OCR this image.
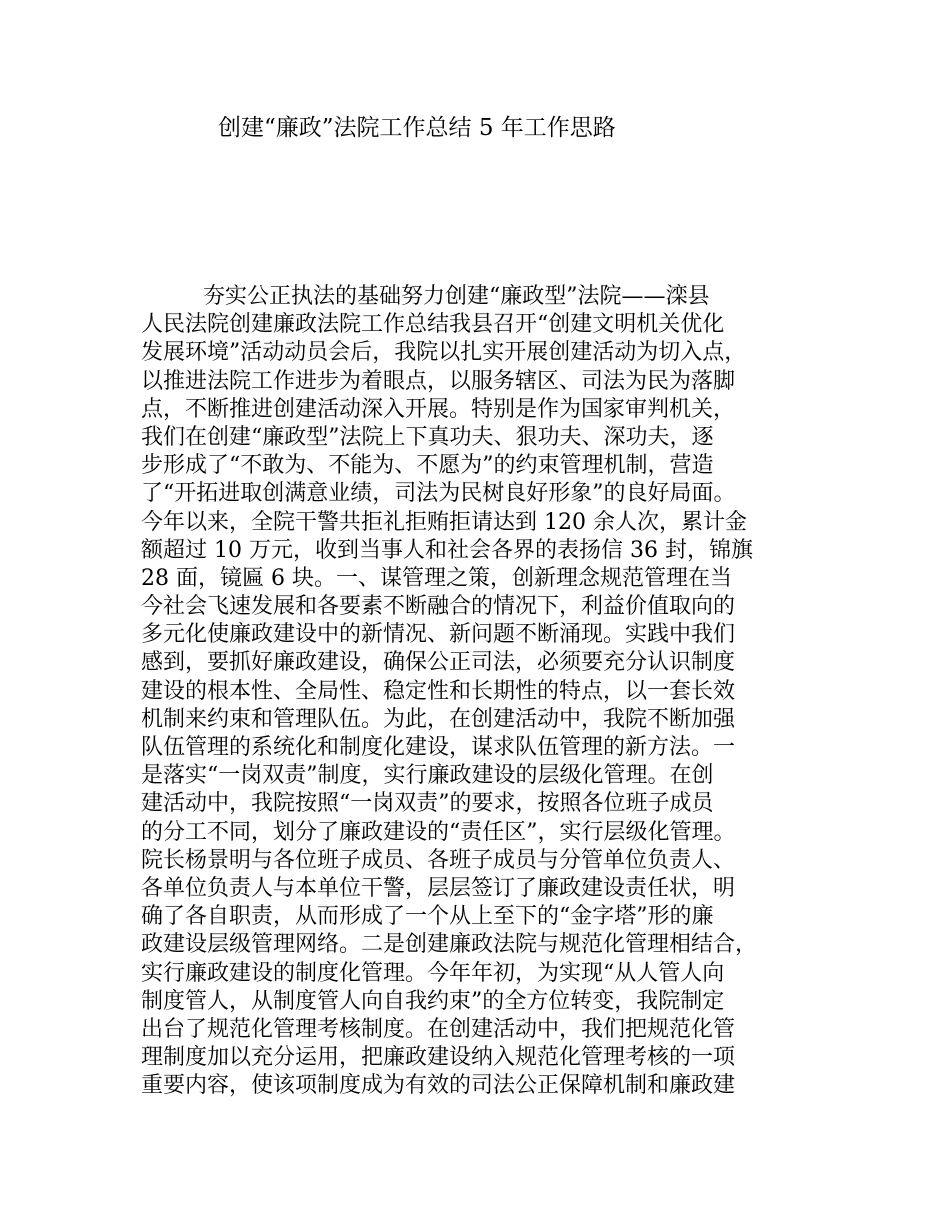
创建“廉政”法院工作总结 5 年工作思路
夯实公正执法的基础努力创建“廉政型”法院——滦县
人民法院创建廉政法院工作总结我县召开“创建文明机关优化
发展环境”活动动员会后，我院以扎实开展创建活动为切入点，
以推进法院工作进步为着眼点，以服务辖区、司法为民为落脚
点，不断推进创建活动深入开展。特别是作为国家审判机关，
我们在创建“廉政型”法院上下真功夫、狠功夫、深功夫，逐
步形成了“不敢为、不能为、不愿为”的约束管理机制，营造
了“开拓进取创满意业绩，司法为民树良好形象”的良好局面。
今年以来，全院干警共拒礼拒贿拒请达到 120 余人次，累计金
额超过 10 万元，收到当事人和社会各界的表扬信 36 封，锦旗
28 面，镜匾 6 块。一、谋管理之策，创新理念规范管理在当
今社会飞速发展和各要素不断融合的情况下，利益价值取向的
多元化使廉政建设中的新情况、新问题不断涌现。实践中我们
感到，要抓好廉政建设，确保公正司法，必须要充分认识制度
建设的根本性、全局性、稳定性和长期性的特点，以一套长效
机制来约束和管理队伍。为此，在创建活动中，我院不断加强
队伍管理的系统化和制度化建设，谋求队伍管理的新方法。一
是落实“一岗双责”制度，实行廉政建设的层级化管理。在创
建活动中，我院按照“一岗双责”的要求，按照各位班子成员
的分工不同，划分了廉政建设的“责任区”，实行层级化管理。
院长杨景明与各位班子成员、各班子成员与分管单位负责人、
各单位负责人与本单位干警，层层签订了廉政建设责任状，明
确了各自职责，从而形成了一个从上至下的“金字塔”形的廉
政建设层级管理网络。二是创建廉政法院与规范化管理相结合，
实行廉政建设的制度化管理。今年年初，为实现“从人管人向
制度管人，从制度管人向自我约束”的全方位转变，我院制定
出台了规范化管理考核制度。在创建活动中，我们把规范化管
理制度加以充分运用，把廉政建设纳入规范化管理考核的一项
重要内容，使该项制度成为有效的司法公正保障机制和廉政建
